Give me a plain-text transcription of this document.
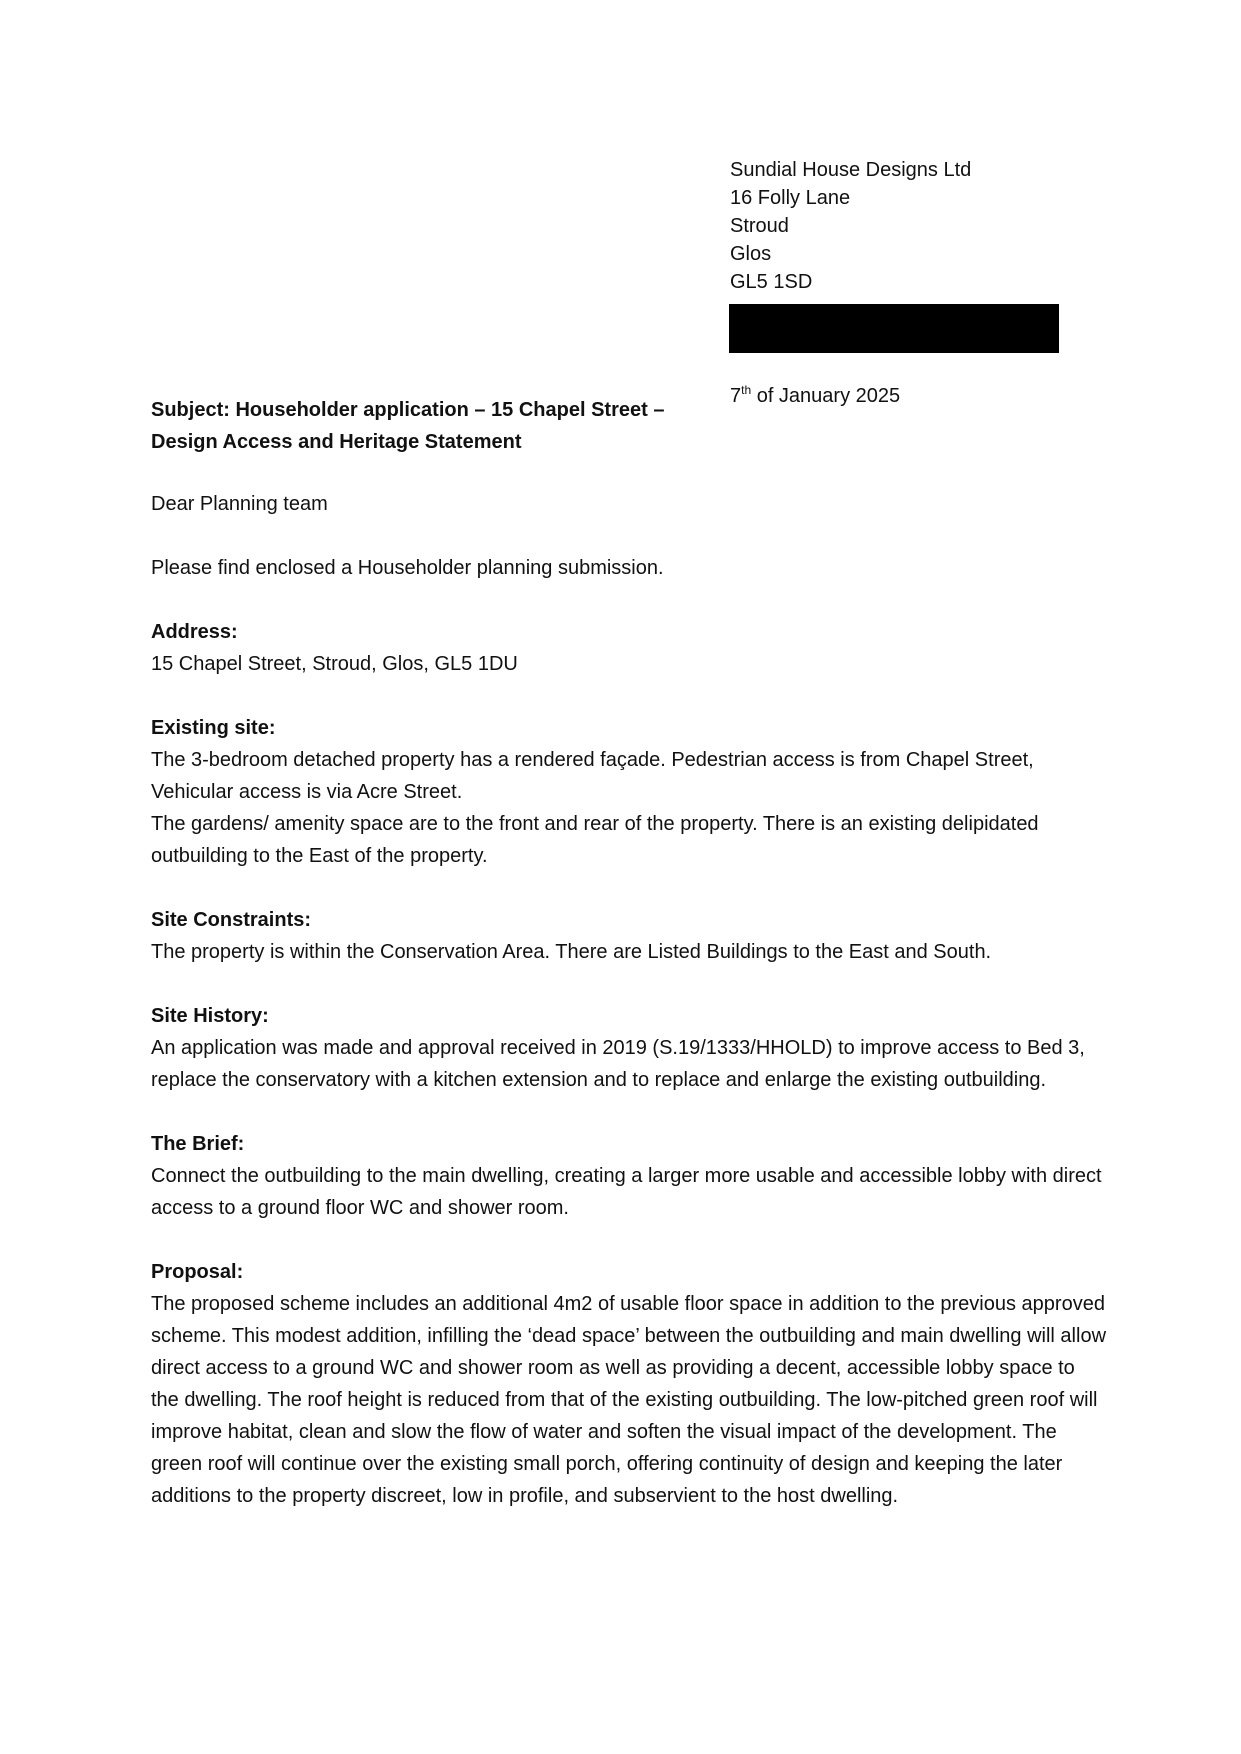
Sundial House Designs Ltd
16 Folly Lane
Stroud
Glos
GL5 1SD
7th of January 2025
Subject: Householder application – 15 Chapel Street –
Design Access and Heritage Statement

Dear Planning team

Please find enclosed a Householder planning submission.

Address:

15 Chapel Street, Stroud, Glos, GL5 1DU

Existing site:

The 3-bedroom detached property has a rendered façade. Pedestrian access is from Chapel Street, Vehicular access is via Acre Street.

The gardens/ amenity space are to the front and rear of the property. There is an existing delipidated outbuilding to the East of the property.

Site Constraints:

The property is within the Conservation Area. There are Listed Buildings to the East and South.

Site History:

An application was made and approval received in 2019 (S.19/1333/HHOLD) to improve access to Bed 3, replace the conservatory with a kitchen extension and to replace and enlarge the existing outbuilding.

The Brief:

Connect the outbuilding to the main dwelling, creating a larger more usable and accessible lobby with direct access to a ground floor WC and shower room.

Proposal:

The proposed scheme includes an additional 4m2 of usable floor space in addition to the previous approved scheme. This modest addition, infilling the ‘dead space’ between the outbuilding and main dwelling will allow direct access to a ground WC and shower room as well as providing a decent, accessible lobby space to the dwelling. The roof height is reduced from that of the existing outbuilding. The low-pitched green roof will improve habitat, clean and slow the flow of water and soften the visual impact of the development. The green roof will continue over the existing small porch, offering continuity of design and keeping the later additions to the property discreet, low in profile, and subservient to the host dwelling.
